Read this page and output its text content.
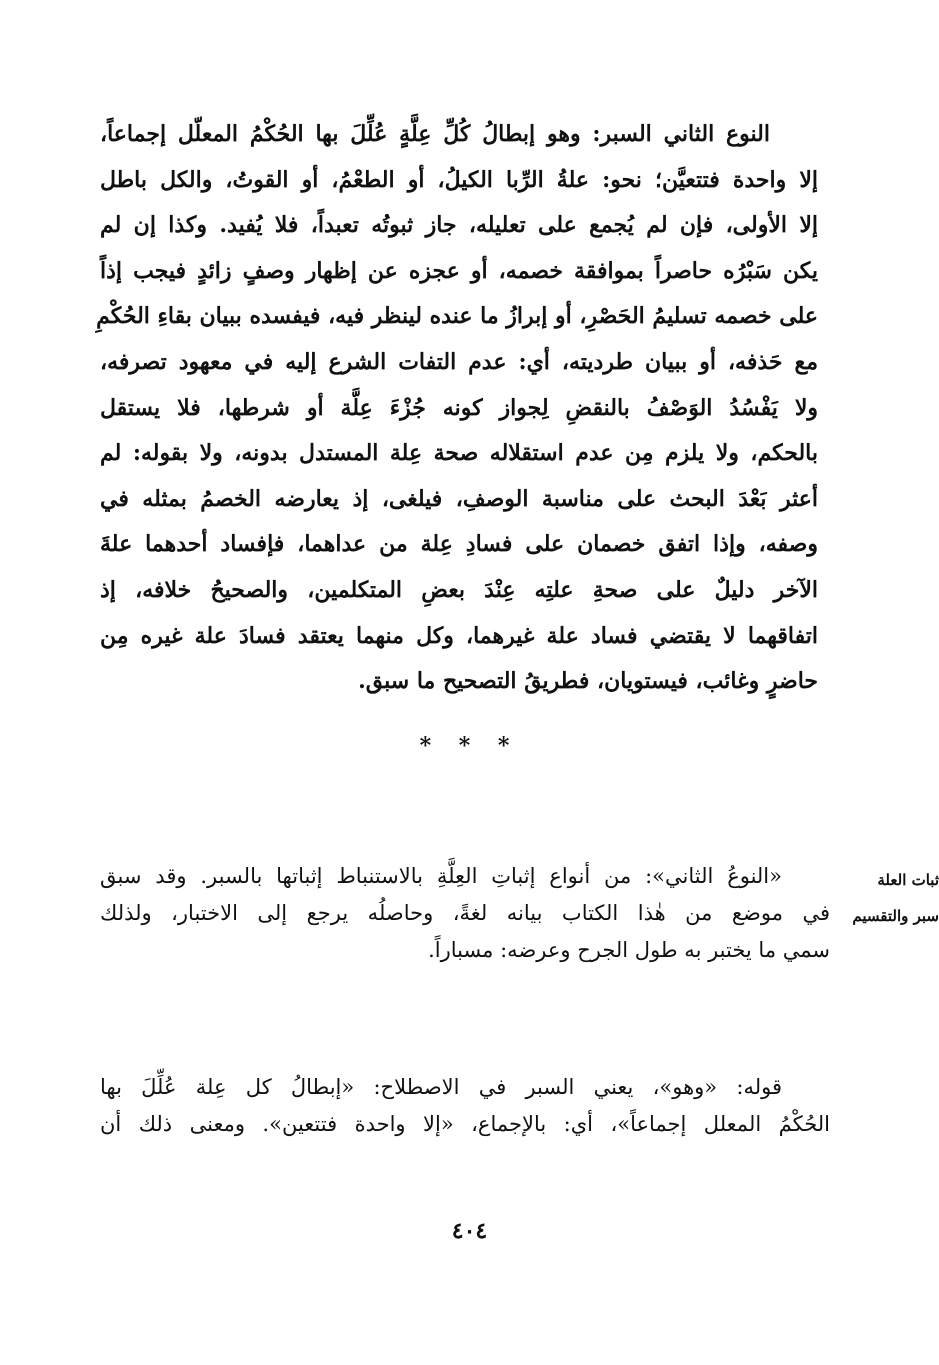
النوع الثاني السبر: وهو إبطالُ كُلِّ عِلَّةٍ عُلِّلَ بها الحُكْمُ المعلّل إجماعاً،
إلا واحدة فتتعيَّن؛ نحو: علةُ الرِّبا الكيلُ، أو الطعْمُ، أو القوتُ، والكل باطل
إلا الأولى، فإن لم يُجمع على تعليله، جاز ثبوتُه تعبداً، فلا يُفيد. وكذا إن لم
يكن سَبْرُه حاصراً بموافقة خصمه، أو عجزه عن إظهار وصفٍ زائدٍ فيجب إذاً
على خصمه تسليمُ الحَصْرِ، أو إبرازُ ما عنده لينظر فيه، فيفسده ببيان بقاءِ الحُكْمِ
مع حَذفه، أو ببيان طرديته، أي: عدم التفات الشرع إليه في معهود تصرفه،
ولا يَفْسُدُ الوَصْفُ بالنقضِ لِجواز كونه جُزْءَ عِلَّة أو شرطها، فلا يستقل
بالحكم، ولا يلزم مِن عدم استقلاله صحة عِلة المستدل بدونه، ولا بقوله: لم
أعثر بَعْدَ البحث على مناسبة الوصفِ، فيلغى، إذ يعارضه الخصمُ بمثله في
وصفه، وإذا اتفق خصمان على فسادِ عِلة من عداهما، فإفساد أحدهما علةَ
الآخر دليلٌ على صحةِ علتِه عِنْدَ بعضِ المتكلمين، والصحيحُ خلافه، إذ
اتفاقهما لا يقتضي فساد علة غيرهما، وكل منهما يعتقد فسادَ علة غيره مِن
حاضرٍ وغائب، فيستويان، فطريقُ التصحيح ما سبق.
* * *
ثبات العلة
سبر والتقسيم
«النوعُ الثاني»: من أنواع إثباتِ العِلَّةِ بالاستنباط إثباتها بالسبر. وقد سبق
في موضع من هٰذا الكتاب بيانه لغةً، وحاصلُه يرجع إلى الاختبار، ولذلك
سمي ما يختبر به طول الجرح وعرضه: مسباراً.
قوله: «وهو»، يعني السبر في الاصطلاح: «إبطالُ كل عِلة عُلِّلَ بها
الحُكْمُ المعلل إجماعاً»، أي: بالإجماع، «إلا واحدة فتتعين». ومعنى ذلك أن
٤٠٤
